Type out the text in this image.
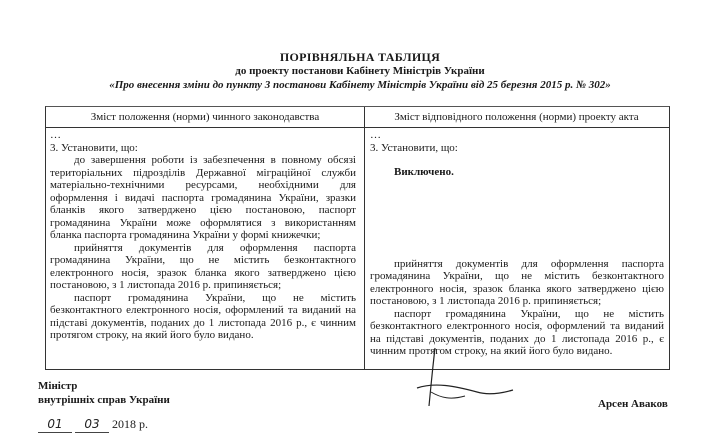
ПОРІВНЯЛЬНА ТАБЛИЦЯ
до проекту постанови Кабінету Міністрів України
«Про внесення зміни до пункту 3 постанови Кабінету Міністрів України від 25 березня 2015 р. № 302»
Зміст положення (норми) чинного законодавства	Зміст відповідного положення (норми) проекту акта

…

3. Установити, що:

до завершення роботи із забезпечення в повному обсязі територіальних підрозділів Державної міграційної служби матеріально-технічними ресурсами, необхідними для оформлення і видачі паспорта громадянина України, зразки бланків якого затверджено цією постановою, паспорт громадянина України може оформлятися з використанням бланка паспорта громадянина України у формі книжечки;

прийняття документів для оформлення паспорта громадянина України, що не містить безконтактного електронного носія, зразок бланка якого затверджено цією постановою, з 1 листопада 2016 р. припиняється;

паспорт громадянина України, що не містить безконтактного електронного носія, оформлений та виданий на підставі документів, поданих до 1 листопада 2016 р., є чинним протягом строку, на який його було видано.

…

3. Установити, що:

Виключено.

прийняття документів для оформлення паспорта громадянина України, що не містить безконтактного електронного носія, зразок бланка якого затверджено цією постановою, з 1 листопада 2016 р. припиняється;

паспорт громадянина України, що не містить безконтактного електронного носія, оформлений та виданий на підставі документів, поданих до 1 листопада 2016 р., є чинним протягом строку, на який його було видано.

Міністр
внутрішніх справ України	Арсен Аваков
01 03 2018 р.
